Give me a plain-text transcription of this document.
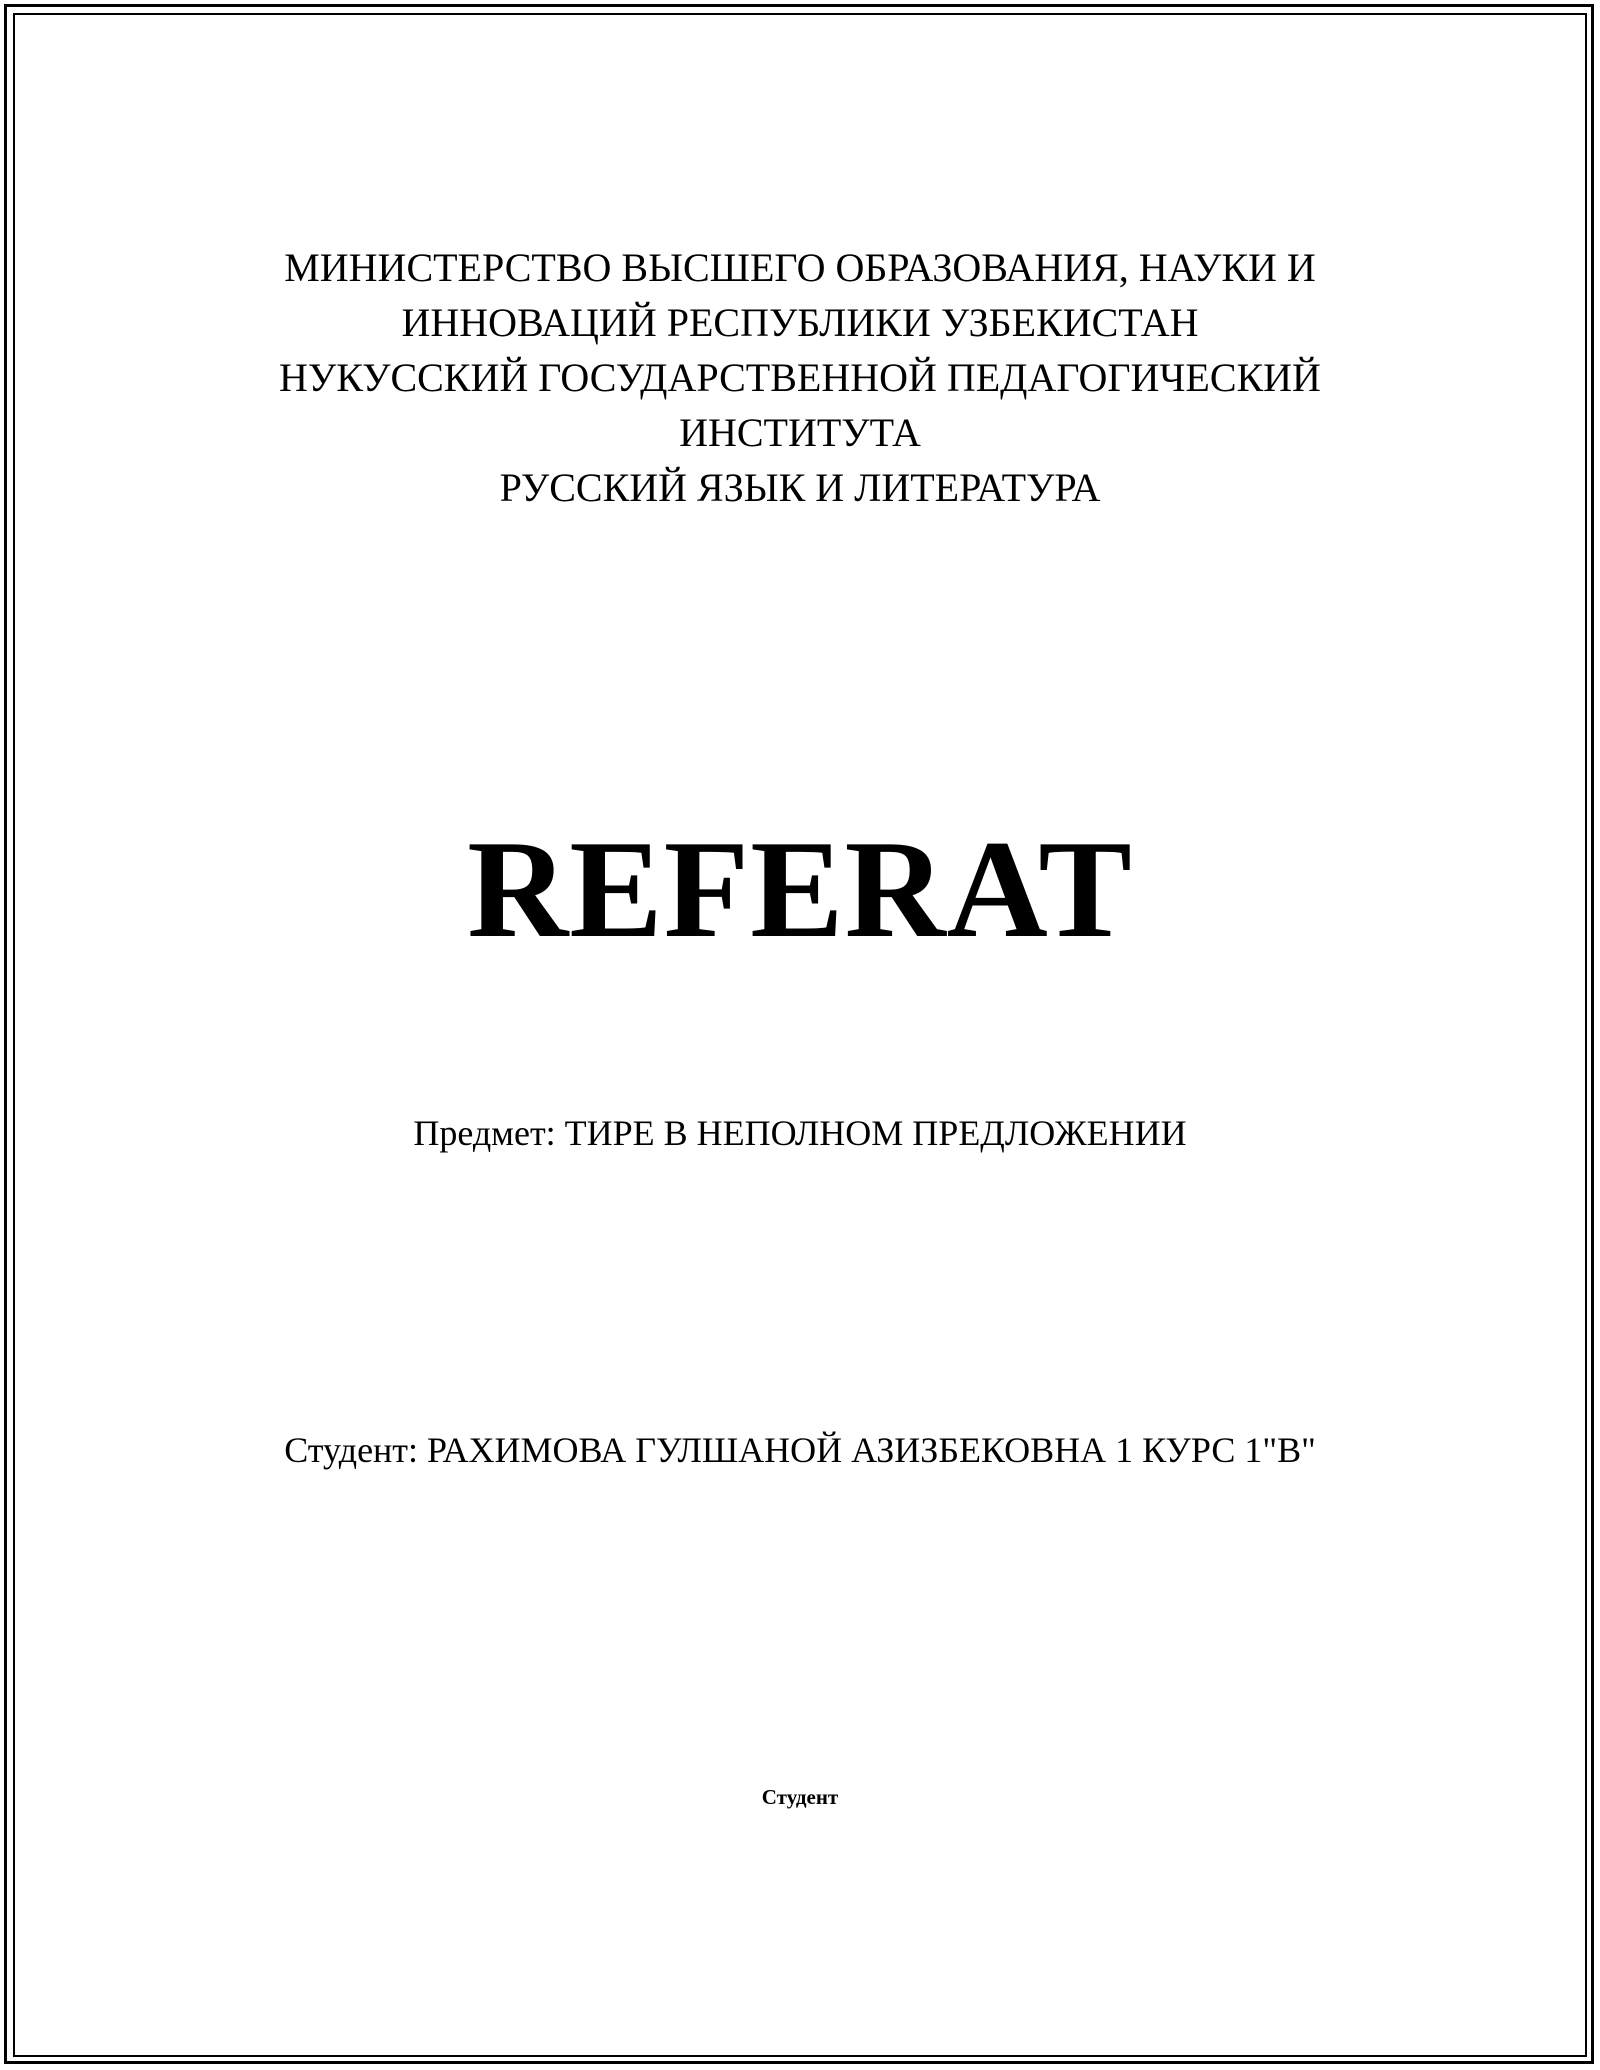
МИНИСТЕРСТВО ВЫСШЕГО ОБРАЗОВАНИЯ, НАУКИ И
ИННОВАЦИЙ РЕСПУБЛИКИ УЗБЕКИСТАН
НУКУССКИЙ ГОСУДАРСТВЕННОЙ ПЕДАГОГИЧЕСКИЙ
ИНСТИТУТА
РУССКИЙ ЯЗЫК И ЛИТЕРАТУРА
REFERAT
Предмет: ТИРЕ В НЕПОЛНОМ ПРЕДЛОЖЕНИИ
Студент: РАХИМОВА ГУЛШАНОЙ АЗИЗБЕКОВНА 1 КУРС 1"B"
Студент
